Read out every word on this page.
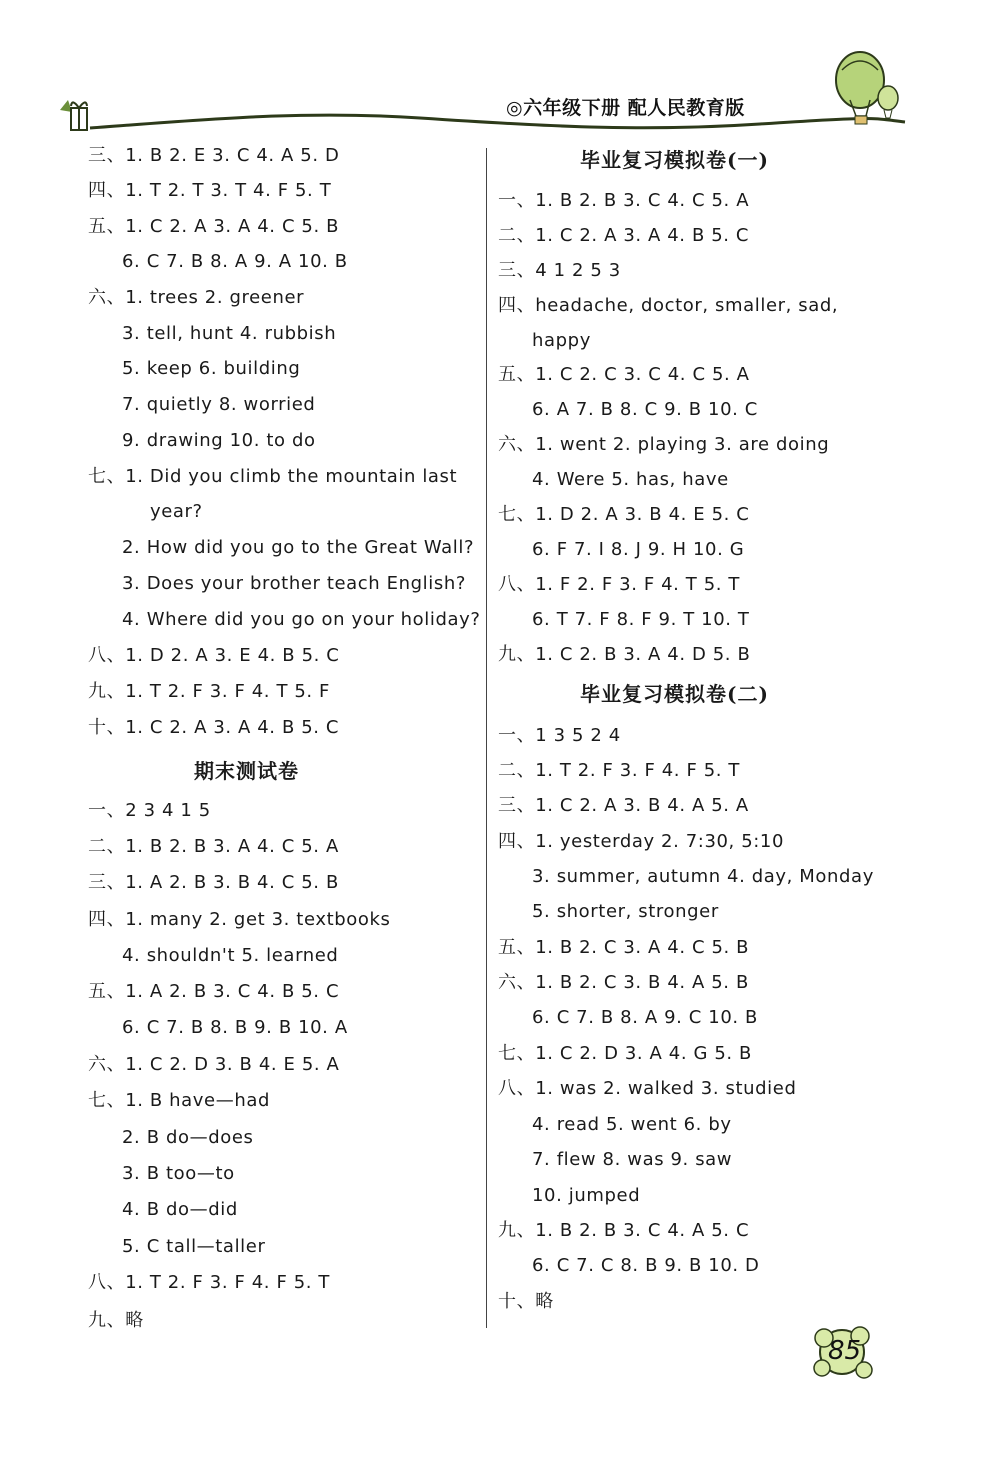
◎六年级下册 配人民教育版
三、1. B 2. E 3. C 4. A 5. D
四、1. T 2. T 3. T 4. F 5. T
五、1. C 2. A 3. A 4. C 5. B
6. C 7. B 8. A 9. A 10. B
六、1. trees 2. greener
3. tell, hunt 4. rubbish
5. keep 6. building
7. quietly 8. worried
9. drawing 10. to do
七、1. Did you climb the mountain last
year?
2. How did you go to the Great Wall?
3. Does your brother teach English?
4. Where did you go on your holiday?
八、1. D 2. A 3. E 4. B 5. C
九、1. T 2. F 3. F 4. T 5. F
十、1. C 2. A 3. A 4. B 5. C
期末测试卷
一、2 3 4 1 5
二、1. B 2. B 3. A 4. C 5. A
三、1. A 2. B 3. B 4. C 5. B
四、1. many 2. get 3. textbooks
4. shouldn't 5. learned
五、1. A 2. B 3. C 4. B 5. C
6. C 7. B 8. B 9. B 10. A
六、1. C 2. D 3. B 4. E 5. A
七、1. B have—had
2. B do—does
3. B too—to
4. B do—did
5. C tall—taller
八、1. T 2. F 3. F 4. F 5. T
九、略
毕业复习模拟卷(一)
一、1. B 2. B 3. C 4. C 5. A
二、1. C 2. A 3. A 4. B 5. C
三、4 1 2 5 3
四、headache, doctor, smaller, sad,
happy
五、1. C 2. C 3. C 4. C 5. A
6. A 7. B 8. C 9. B 10. C
六、1. went 2. playing 3. are doing
4. Were 5. has, have
七、1. D 2. A 3. B 4. E 5. C
6. F 7. I 8. J 9. H 10. G
八、1. F 2. F 3. F 4. T 5. T
6. T 7. F 8. F 9. T 10. T
九、1. C 2. B 3. A 4. D 5. B
毕业复习模拟卷(二)
一、1 3 5 2 4
二、1. T 2. F 3. F 4. F 5. T
三、1. C 2. A 3. B 4. A 5. A
四、1. yesterday 2. 7:30, 5:10
3. summer, autumn 4. day, Monday
5. shorter, stronger
五、1. B 2. C 3. A 4. C 5. B
六、1. B 2. C 3. B 4. A 5. B
6. C 7. B 8. A 9. C 10. B
七、1. C 2. D 3. A 4. G 5. B
八、1. was 2. walked 3. studied
4. read 5. went 6. by
7. flew 8. was 9. saw
10. jumped
九、1. B 2. B 3. C 4. A 5. C
6. C 7. C 8. B 9. B 10. D
十、略
85
